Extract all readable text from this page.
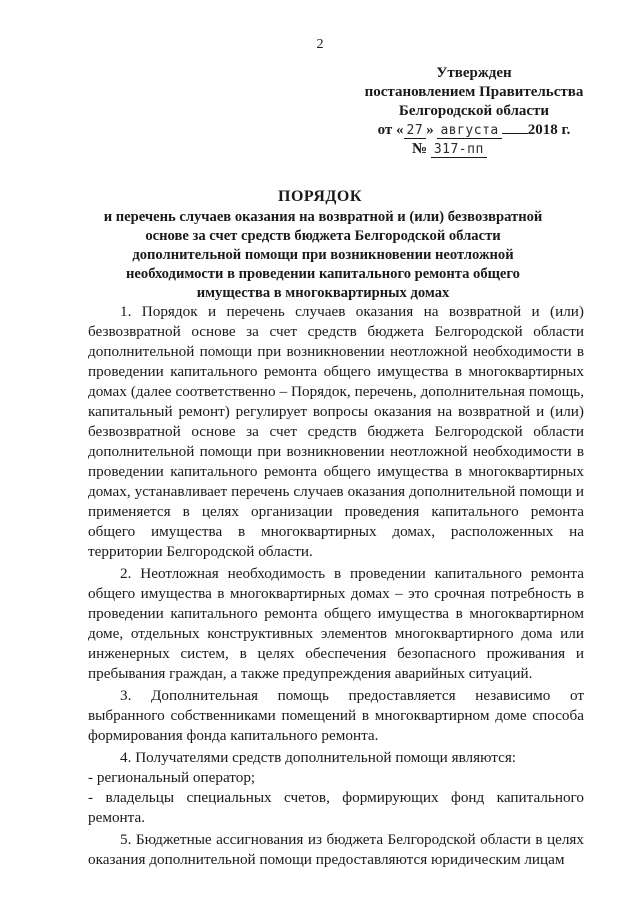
2
Утвержден
постановлением Правительства
Белгородской области
от « 27 » августа 2018 г.
№ 317-пп
ПОРЯДОК
и перечень случаев оказания на возвратной и (или) безвозвратной основе за счет средств бюджета Белгородской области дополнительной помощи при возникновении неотложной необходимости в проведении капитального ремонта общего имущества в многоквартирных домах

1. Порядок и перечень случаев оказания на возвратной и (или) безвозвратной основе за счет средств бюджета Белгородской области дополнительной помощи при возникновении неотложной необходимости в проведении капитального ремонта общего имущества в многоквартирных домах (далее соответственно – Порядок, перечень, дополнительная помощь, капитальный ремонт) регулирует вопросы оказания на возвратной и (или) безвозвратной основе за счет средств бюджета Белгородской области дополнительной помощи при возникновении неотложной необходимости в проведении капитального ремонта общего имущества в многоквартирных домах, устанавливает перечень случаев оказания дополнительной помощи и применяется в целях организации проведения капитального ремонта общего имущества в многоквартирных домах, расположенных на территории Белгородской области.

2. Неотложная необходимость в проведении капитального ремонта общего имущества в многоквартирных домах – это срочная потребность в проведении капитального ремонта общего имущества в многоквартирном доме, отдельных конструктивных элементов многоквартирного дома или инженерных систем, в целях обеспечения безопасного проживания и пребывания граждан, а также предупреждения аварийных ситуаций.

3. Дополнительная помощь предоставляется независимо от выбранного собственниками помещений в многоквартирном доме способа формирования фонда капитального ремонта.

4. Получателями средств дополнительной помощи являются:

- региональный оператор;

- владельцы специальных счетов, формирующих фонд капитального ремонта.

5. Бюджетные ассигнования из бюджета Белгородской области в целях оказания дополнительной помощи предоставляются юридическим лицам
